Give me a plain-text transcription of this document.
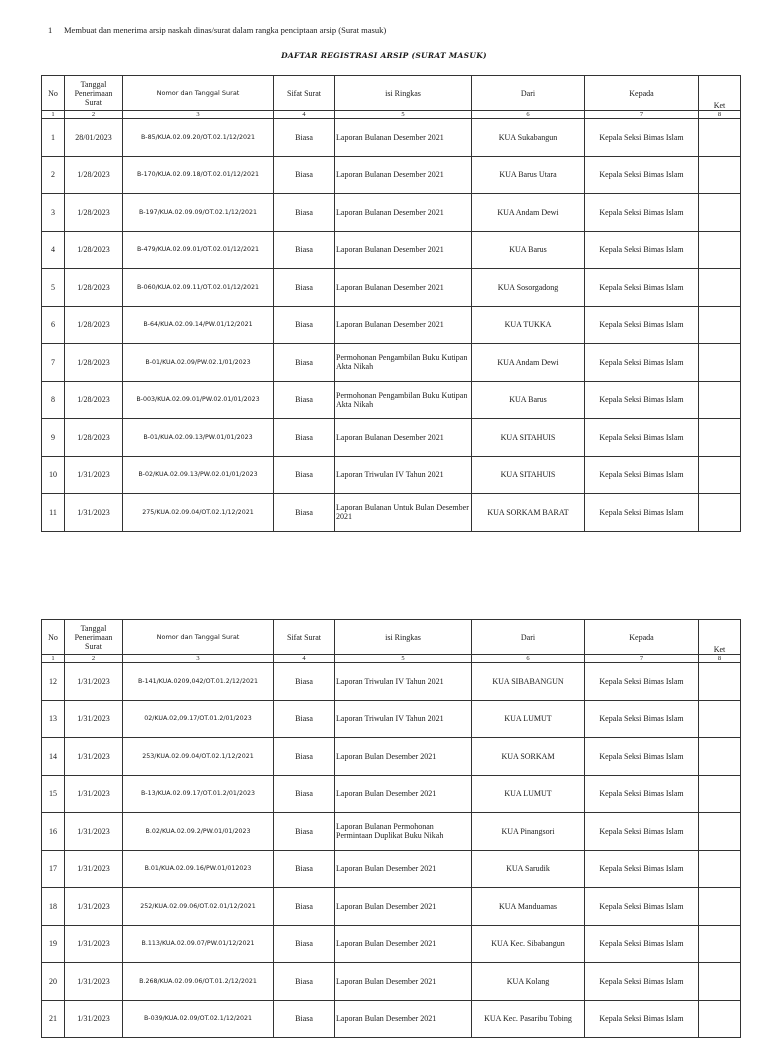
1 Membuat dan menerima arsip naskah dinas/surat dalam rangka penciptaan arsip (Surat masuk)
DAFTAR REGISTRASI ARSIP (SURAT MASUK)
No	Tanggal Penerimaan Surat	Nomor dan Tanggal Surat	Sifat Surat	isi Ringkas	Dari	Kepada	Ket
1	2	3	4	5	6	7	8
1	28/01/2023	B-85/KUA.02.09.20/OT.02.1/12/2021	Biasa	Laporan Bulanan Desember 2021	KUA Sukabangun	Kepala Seksi Bimas Islam	
2	1/28/2023	B-170/KUA.02.09.18/OT.02.01/12/2021	Biasa	Laporan Bulanan Desember 2021	KUA Barus Utara	Kepala Seksi Bimas Islam	
3	1/28/2023	B-197/KUA.02.09.09/OT.02.1/12/2021	Biasa	Laporan Bulanan Desember 2021	KUA Andam Dewi	Kepala Seksi Bimas Islam	
4	1/28/2023	B-479/KUA.02.09.01/OT.02.01/12/2021	Biasa	Laporan Bulanan Desember 2021	KUA Barus	Kepala Seksi Bimas Islam	
5	1/28/2023	B-060/KUA.02.09.11/OT.02.01/12/2021	Biasa	Laporan Bulanan Desember 2021	KUA Sosorgadong	Kepala Seksi Bimas Islam	
6	1/28/2023	B-64/KUA.02.09.14/PW.01/12/2021	Biasa	Laporan Bulanan Desember 2021	KUA TUKKA	Kepala Seksi Bimas Islam	
7	1/28/2023	B-01/KUA.02.09/PW.02.1/01/2023	Biasa	Permohonan Pengambilan Buku Kutipan Akta Nikah	KUA Andam Dewi	Kepala Seksi Bimas Islam	
8	1/28/2023	B-003/KUA.02.09.01/PW.02.01/01/2023	Biasa	Permohonan Pengambilan Buku Kutipan Akta Nikah	KUA Barus	Kepala Seksi Bimas Islam	
9	1/28/2023	B-01/KUA.02.09.13/PW.01/01/2023	Biasa	Laporan Bulanan Desember 2021	KUA SITAHUIS	Kepala Seksi Bimas Islam	
10	1/31/2023	B-02/KUA.02.09.13/PW.02.01/01/2023	Biasa	Laporan Triwulan IV Tahun 2021	KUA SITAHUIS	Kepala Seksi Bimas Islam	
11	1/31/2023	275/KUA.02.09.04/OT.02.1/12/2021	Biasa	Laporan Bulanan Untuk Bulan Desember 2021	KUA SORKAM BARAT	Kepala Seksi Bimas Islam	
No	Tanggal Penerimaan Surat	Nomor dan Tanggal Surat	Sifat Surat	isi Ringkas	Dari	Kepada	Ket
1	2	3	4	5	6	7	8
12	1/31/2023	B-141/KUA.0209,042/OT.01.2/12/2021	Biasa	Laporan Triwulan IV Tahun 2021	KUA SIBABANGUN	Kepala Seksi Bimas Islam	
13	1/31/2023	02/KUA.02,09.17/OT.01.2/01/2023	Biasa	Laporan Triwulan IV Tahun 2021	KUA LUMUT	Kepala Seksi Bimas Islam	
14	1/31/2023	253/KUA.02.09.04/OT.02.1/12/2021	Biasa	Laporan Bulan Desember 2021	KUA SORKAM	Kepala Seksi Bimas Islam	
15	1/31/2023	B-13/KUA.02.09.17/OT.01.2/01/2023	Biasa	Laporan Bulan Desember 2021	KUA LUMUT	Kepala Seksi Bimas Islam	
16	1/31/2023	B.02/KUA.02.09.2/PW.01/01/2023	Biasa	Laporan Bulanan Permohonan Permintaan Duplikat Buku Nikah	KUA Pinangsori	Kepala Seksi Bimas Islam	
17	1/31/2023	B.01/KUA.02.09.16/PW.01/012023	Biasa	Laporan Bulan Desember 2021	KUA Sarudik	Kepala Seksi Bimas Islam	
18	1/31/2023	252/KUA.02.09.06/OT.02.01/12/2021	Biasa	Laporan Bulan Desember 2021	KUA Manduamas	Kepala Seksi Bimas Islam	
19	1/31/2023	B.113/KUA.02.09.07/PW.01/12/2021	Biasa	Laporan Bulan Desember 2021	KUA Kec. Sibabangun	Kepala Seksi Bimas Islam	
20	1/31/2023	B.268/KUA.02.09.06/OT.01.2/12/2021	Biasa	Laporan Bulan Desember 2021	KUA Kolang	Kepala Seksi Bimas Islam	
21	1/31/2023	B-039/KUA.02.09/OT.02.1/12/2021	Biasa	Laporan Bulan Desember 2021	KUA Kec. Pasaribu Tobing	Kepala Seksi Bimas Islam	
